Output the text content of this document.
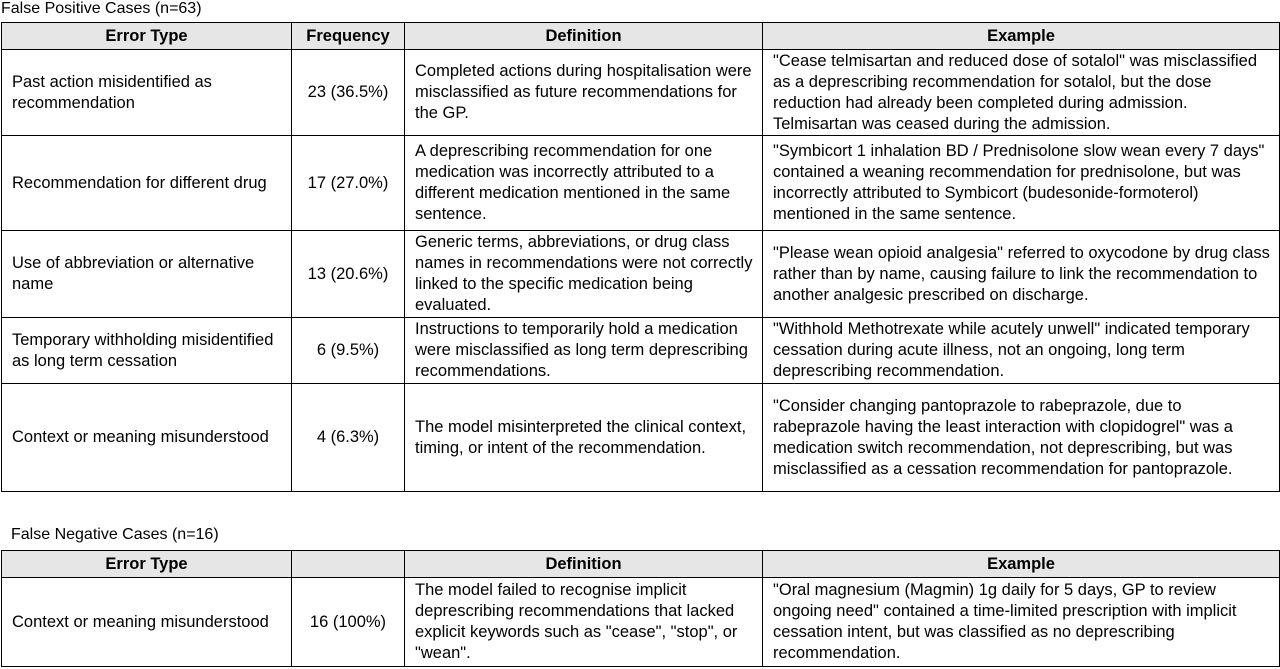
False Positive Cases (n=63)
Error Type	Frequency	Definition	Example
Past action misidentified as recommendation	23 (36.5%)	Completed actions during hospitalisation were misclassified as future recommendations for the GP.	"Cease telmisartan and reduced dose of sotalol" was misclassified as a deprescribing recommendation for sotalol, but the dose reduction had already been completed during admission. Telmisartan was ceased during the admission.
Recommendation for different drug	17 (27.0%)	A deprescribing recommendation for one medication was incorrectly attributed to a different medication mentioned in the same sentence.	"Symbicort 1 inhalation BD / Prednisolone slow wean every 7 days" contained a weaning recommendation for prednisolone, but was incorrectly attributed to Symbicort (budesonide-formoterol) mentioned in the same sentence.
Use of abbreviation or alternative name	13 (20.6%)	Generic terms, abbreviations, or drug class names in recommendations were not correctly linked to the specific medication being evaluated.	"Please wean opioid analgesia" referred to oxycodone by drug class rather than by name, causing failure to link the recommendation to another analgesic prescribed on discharge.
Temporary withholding misidentified as long term cessation	6 (9.5%)	Instructions to temporarily hold a medication were misclassified as long term deprescribing recommendations.	"Withhold Methotrexate while acutely unwell" indicated temporary cessation during acute illness, not an ongoing, long term deprescribing recommendation.
Context or meaning misunderstood	4 (6.3%)	The model misinterpreted the clinical context, timing, or intent of the recommendation.	"Consider changing pantoprazole to rabeprazole, due to rabeprazole having the least interaction with clopidogrel" was a medication switch recommendation, not deprescribing, but was misclassified as a cessation recommendation for pantoprazole.
False Negative Cases (n=16)
Error Type		Definition	Example
Context or meaning misunderstood	16 (100%)	The model failed to recognise implicit deprescribing recommendations that lacked explicit keywords such as "cease", "stop", or "wean".	"Oral magnesium (Magmin) 1g daily for 5 days, GP to review ongoing need" contained a time-limited prescription with implicit cessation intent, but was classified as no deprescribing recommendation.
